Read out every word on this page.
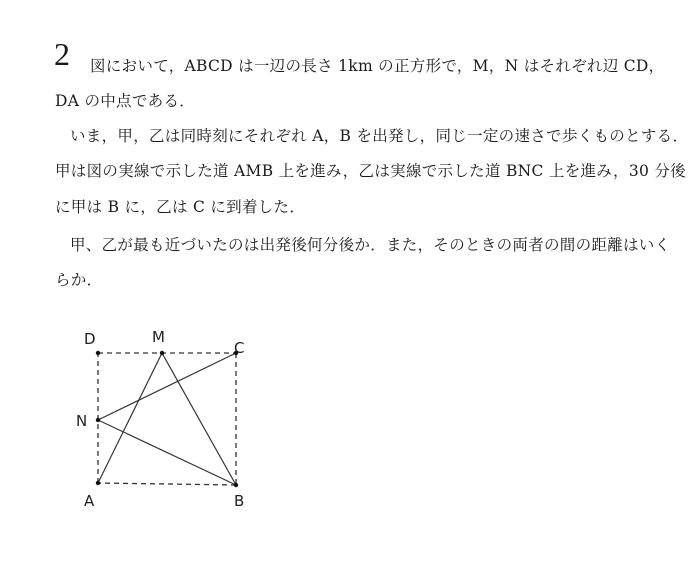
2 図において，ABCD は一辺の長さ 1km の正方形で，M，N はそれぞれ辺 CD，
DA の中点である．
いま，甲，乙は同時刻にそれぞれ A，B を出発し，同じ一定の速さで歩くものとする．
甲は図の実線で示した道 AMB 上を進み，乙は実線で示した道 BNC 上を進み，30 分後
に甲は B に，乙は C に到着した．
甲、乙が最も近づいたのは出発後何分後か．また，そのときの両者の間の距離はいく
らか．
D	M
C
N
A	B
